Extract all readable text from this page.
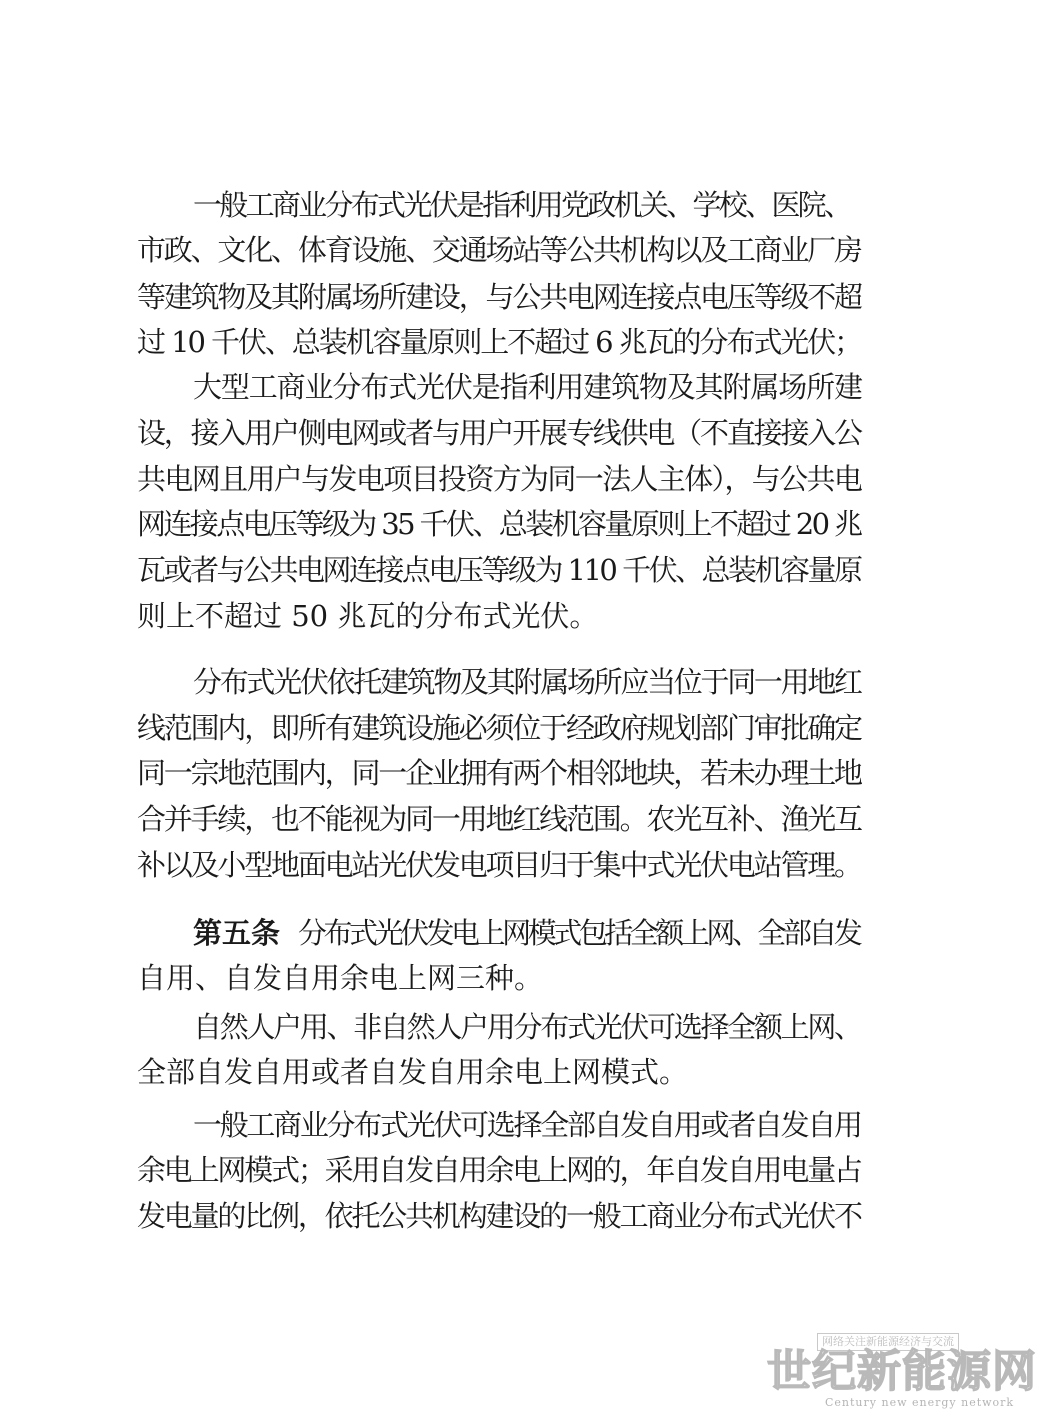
一般工商业分布式光伏是指利用党政机关、学校、医院、
市政、文化、体育设施、交通场站等公共机构以及工商业厂房
等建筑物及其附属场所建设，与公共电网连接点电压等级不超
过 10 千伏、总装机容量原则上不超过 6 兆瓦的分布式光伏；
大型工商业分布式光伏是指利用建筑物及其附属场所建
设，接入用户侧电网或者与用户开展专线供电（不直接接入公
共电网且用户与发电项目投资方为同一法人主体），与公共电
网连接点电压等级为 35 千伏、总装机容量原则上不超过 20 兆
瓦或者与公共电网连接点电压等级为 110 千伏、总装机容量原
则上不超过 50 兆瓦的分布式光伏。
分布式光伏依托建筑物及其附属场所应当位于同一用地红
线范围内，即所有建筑设施必须位于经政府规划部门审批确定
同一宗地范围内，同一企业拥有两个相邻地块，若未办理土地
合并手续，也不能视为同一用地红线范围。农光互补、渔光互
补以及小型地面电站光伏发电项目归于集中式光伏电站管理。
第五条 分布式光伏发电上网模式包括全额上网、全部自发
自用、自发自用余电上网三种。
自然人户用、非自然人户用分布式光伏可选择全额上网、
全部自发自用或者自发自用余电上网模式。
一般工商业分布式光伏可选择全部自发自用或者自发自用
余电上网模式；采用自发自用余电上网的，年自发自用电量占
发电量的比例，依托公共机构建设的一般工商业分布式光伏不
网络关注新能源经济与交流
世纪新能源网
Century new energy network
